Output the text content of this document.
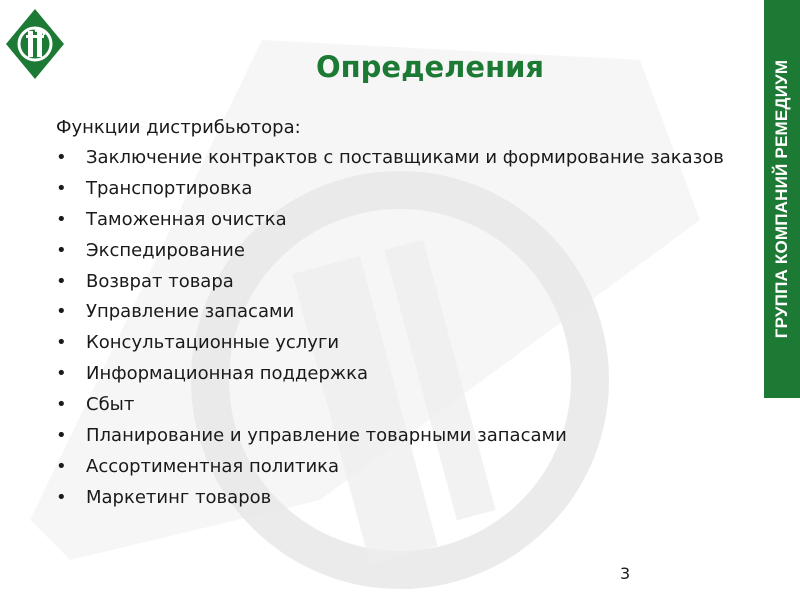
ГРУППА КОМПАНИЙ РЕМЕДИУМ
Определения

Функции дистрибьютора:

• Заключение контрактов с поставщиками и формирование заказов
• Транспортировка
• Таможенная очистка
• Экспедирование
• Возврат товара
• Управление запасами
• Консультационные услуги
• Информационная поддержка
• Сбыт
• Планирование и управление товарными запасами
• Ассортиментная политика
• Маркетинг товаров
3
